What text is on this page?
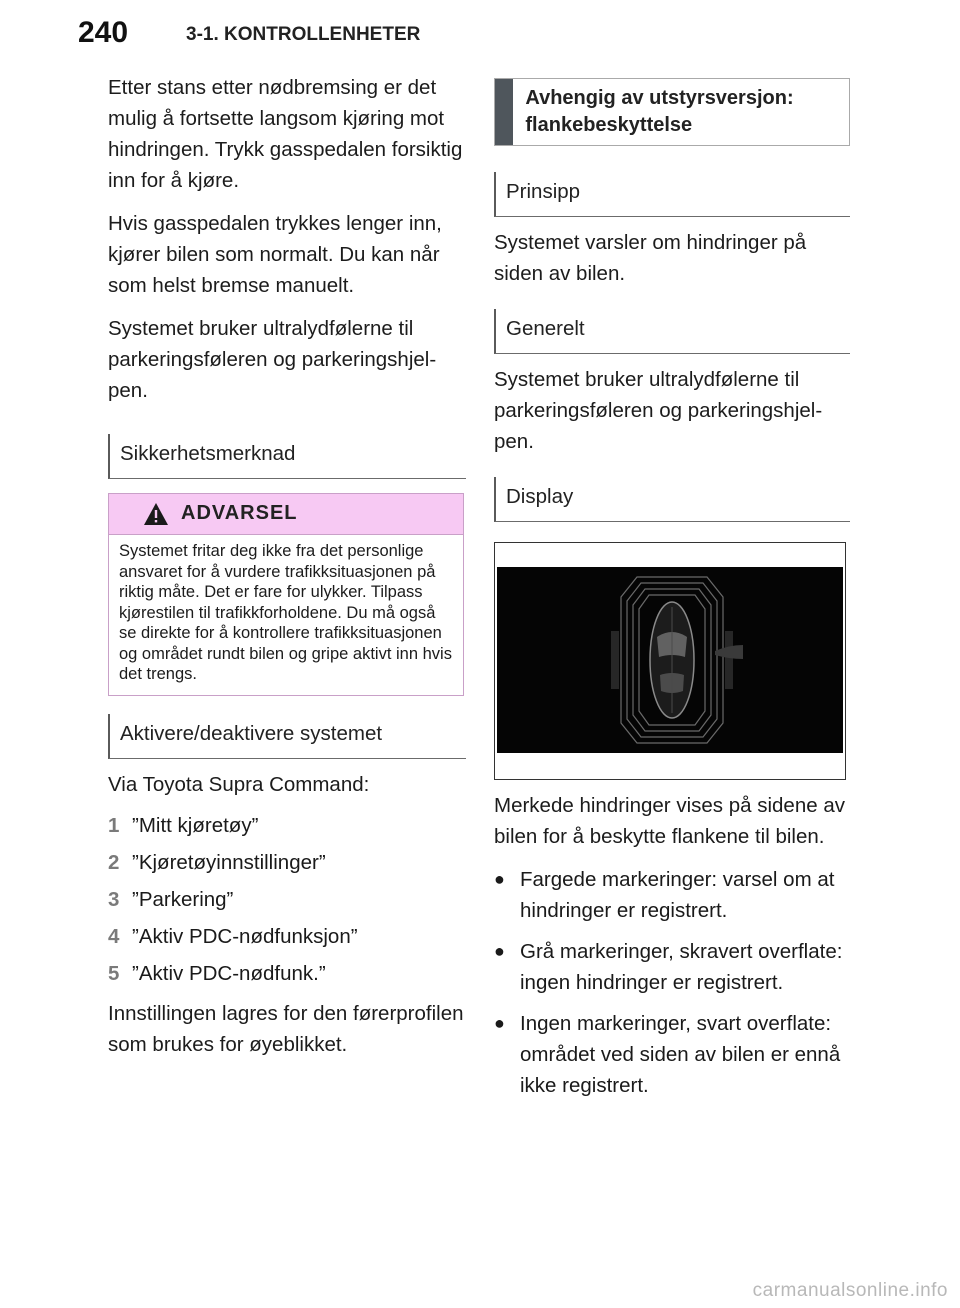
240	3-1. KONTROLLENHETER

Etter stans etter nødbremsing er det mulig å fortsette langsom kjøring mot hindringen. Trykk gasspedalen forsiktig inn for å kjøre.

Hvis gasspedalen trykkes lenger inn, kjører bilen som normalt. Du kan når som helst bremse manuelt.

Systemet bruker ultralydfølerne til parkeringsføleren og parkeringshjelpen.

Sikkerhetsmerknad
ADVARSEL
Systemet fritar deg ikke fra det personlige ansvaret for å vurdere trafikksituasjonen på riktig måte. Det er fare for ulykker. Tilpass kjørestilen til trafikkforholdene. Du må også se direkte for å kontrollere trafikksituasjonen og området rundt bilen og gripe aktivt inn hvis det trengs.
Aktivere/deaktivere systemet

Via Toyota Supra Command:

1 ”Mitt kjøretøy”
2 ”Kjøretøyinnstillinger”
3 ”Parkering”
4 ”Aktiv PDC-nødfunksjon”
5 ”Aktiv PDC-nødfunk.”

Innstillingen lagres for den førerprofilen som brukes for øyeblikket.

Avhengig av utstyrsversjon: flankebeskyttelse
Prinsipp

Systemet varsler om hindringer på siden av bilen.

Generelt

Systemet bruker ultralydfølerne til parkeringsføleren og parkeringshjelpen.

Display

Merkede hindringer vises på sidene av bilen for å beskytte flankene til bilen.

● Fargede markeringer: varsel om at hindringer er registrert.
● Grå markeringer, skravert overflate: ingen hindringer er registrert.
● Ingen markeringer, svart overflate: området ved siden av bilen er ennå ikke registrert.
carmanualsonline.info
